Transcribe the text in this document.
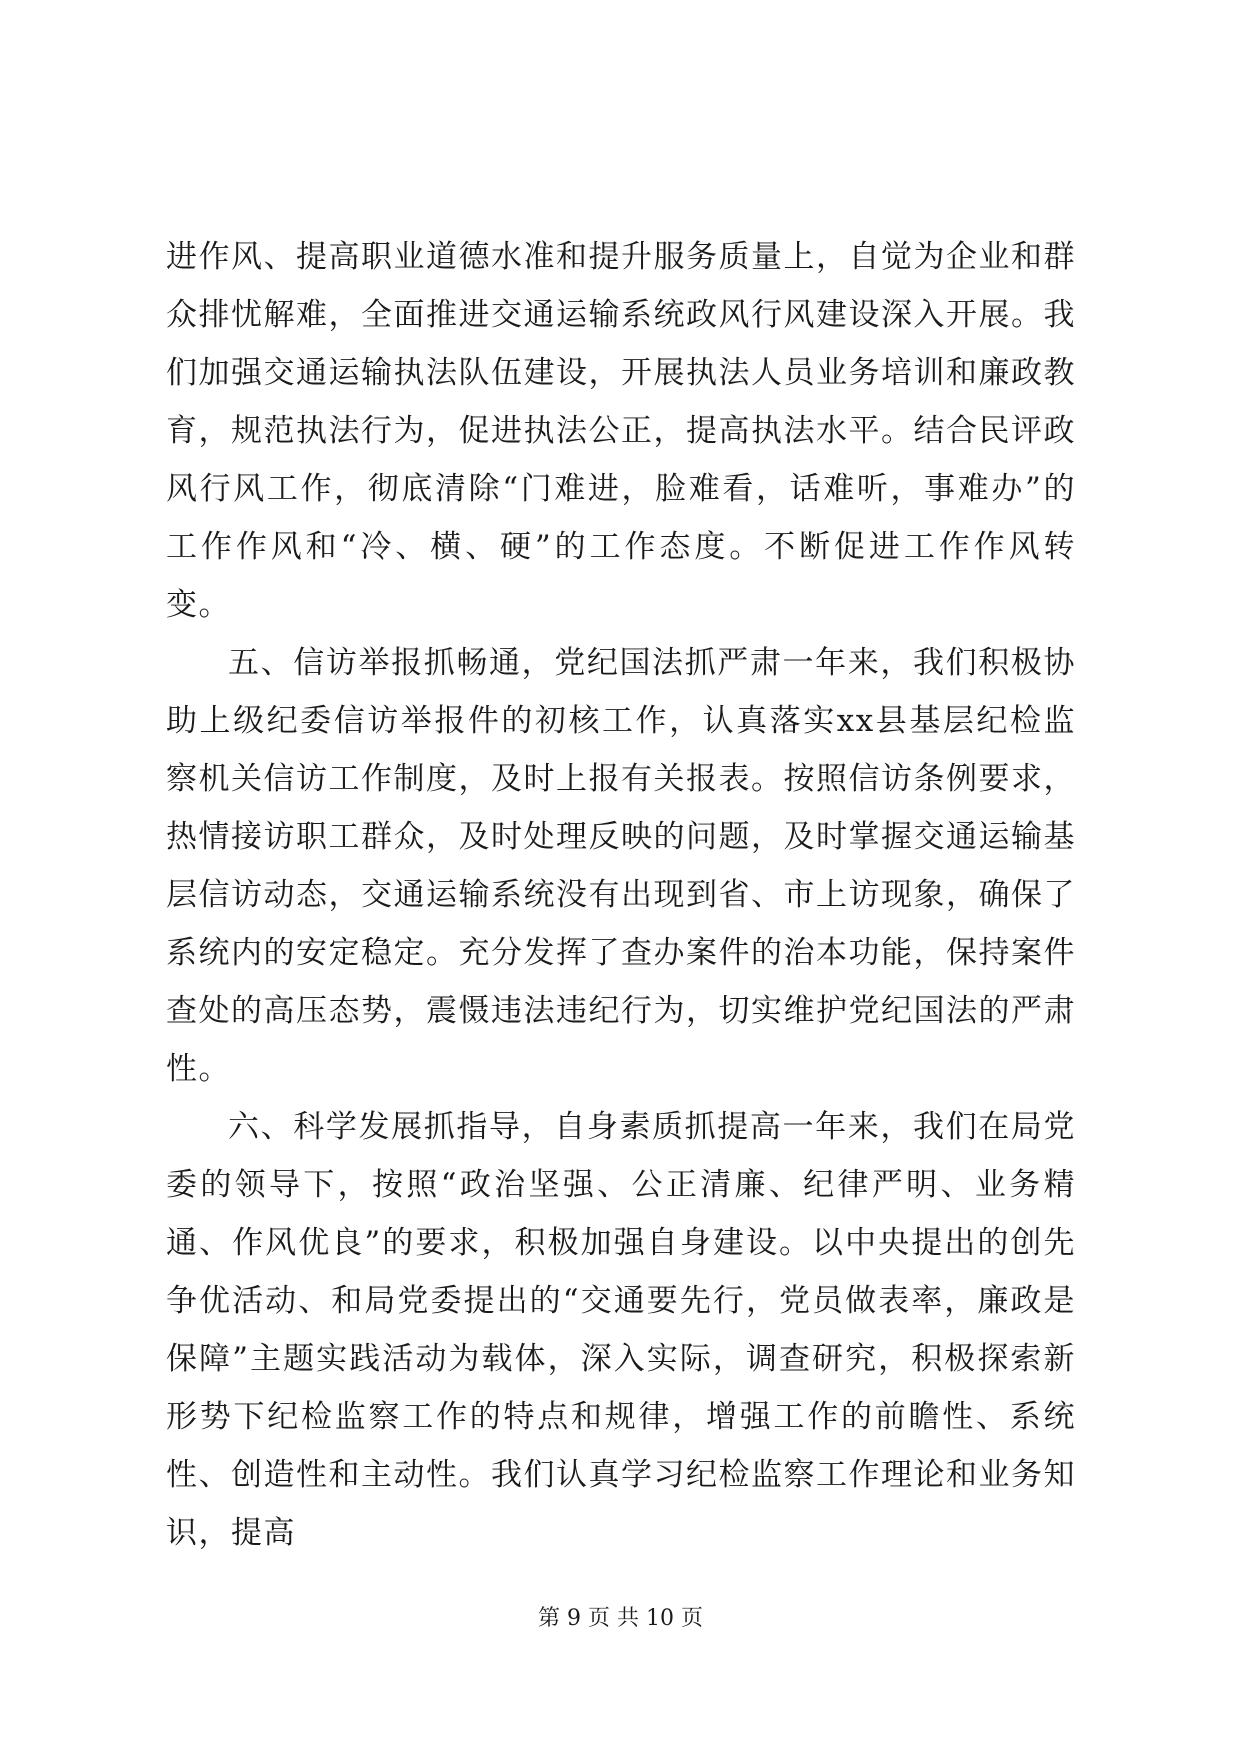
进作风、提高职业道德水准和提升服务质量上，自觉为企业和群众排忧解难，全面推进交通运输系统政风行风建设深入开展。我们加强交通运输执法队伍建设，开展执法人员业务培训和廉政教育，规范执法行为，促进执法公正，提高执法水平。结合民评政风行风工作，彻底清除“门难进，脸难看，话难听，事难办”的工作作风和“冷、横、硬”的工作态度。不断促进工作作风转变。

五、信访举报抓畅通，党纪国法抓严肃一年来，我们积极协助上级纪委信访举报件的初核工作，认真落实xx县基层纪检监察机关信访工作制度，及时上报有关报表。按照信访条例要求，热情接访职工群众，及时处理反映的问题，及时掌握交通运输基层信访动态，交通运输系统没有出现到省、市上访现象，确保了系统内的安定稳定。充分发挥了查办案件的治本功能，保持案件查处的高压态势，震慑违法违纪行为，切实维护党纪国法的严肃性。

六、科学发展抓指导，自身素质抓提高一年来，我们在局党委的领导下，按照“政治坚强、公正清廉、纪律严明、业务精通、作风优良”的要求，积极加强自身建设。以中央提出的创先争优活动、和局党委提出的“交通要先行，党员做表率，廉政是保障”主题实践活动为载体，深入实际，调查研究，积极探索新形势下纪检监察工作的特点和规律，增强工作的前瞻性、系统性、创造性和主动性。我们认真学习纪检监察工作理论和业务知识，提高

第 9 页 共 10 页
